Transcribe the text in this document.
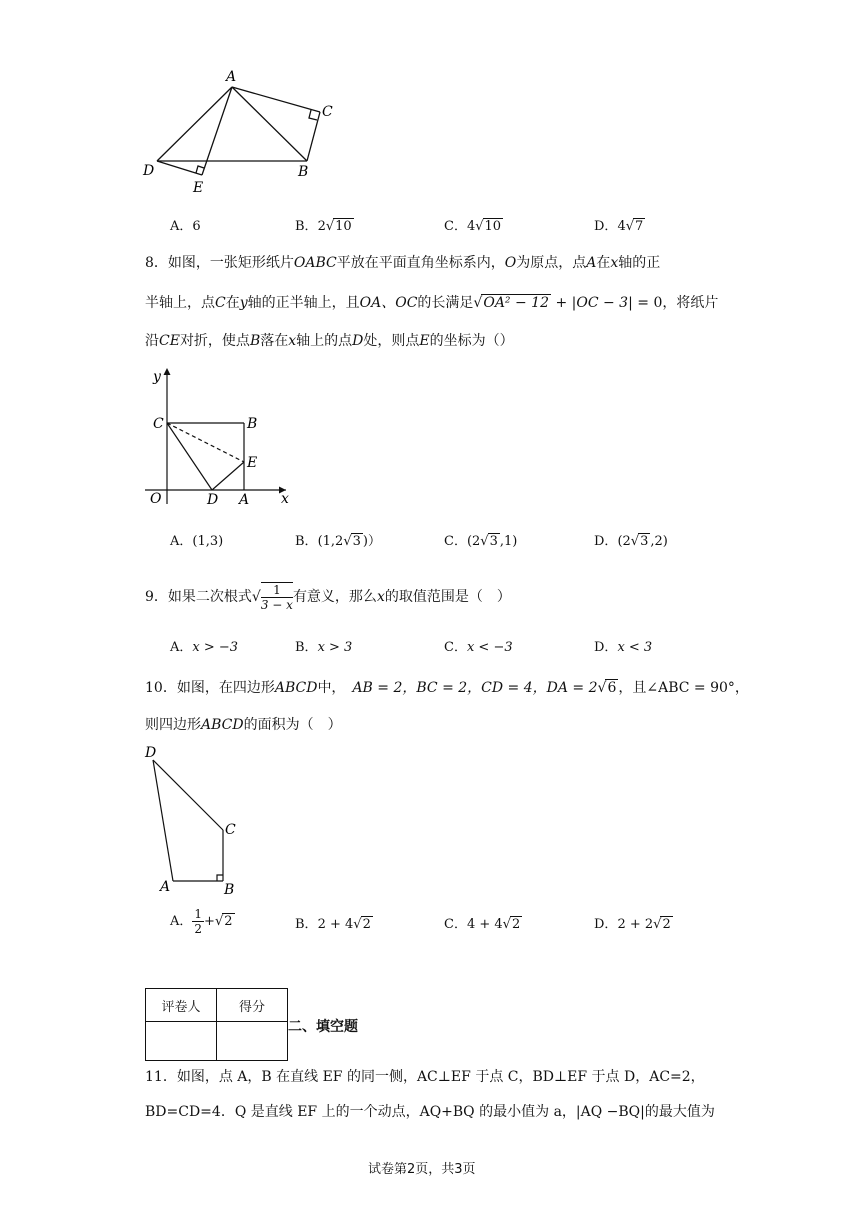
A
C
D	B
E
A．6	B．2√10	C．4√10	D．4√7
8．如图，一张矩形纸片OABC平放在平面直角坐标系内，O为原点，点A在x轴的正
半轴上，点C在y轴的正半轴上，且OA、OC的长满足√OA² − 12 + |OC − 3| = 0，将纸片
沿CE对折，使点B落在x轴上的点D处，则点E的坐标为（）
y
C	B
E
O	D A x
A．(1,3)	B．(1,2√3 )）	C．(2√3 ,1)	D．(2√3 ,2)
9．如果二次根式√ $\frac{1}{3 - x}$ 有意义，那么x的取值范围是（　）
A．x > −3	B．x > 3	C．x < −3	D．x < 3
10．如图，在四边形ABCD中，　 AB = 2，BC = 2，CD = 4，DA = 2√6 ，且∠ABC = 90°，
则四边形ABCD的面积为（　）
D
C
A	B
A． $\frac{1}{2} +√2$	B．2 + 4√2	C．4 + 4√2	D．2 + 2√2
评卷人	得分

二、填空题
11．如图，点 A，B 在直线 EF 的同一侧，AC⊥EF 于点 C，BD⊥EF 于点 D，AC=2，
BD=CD=4．Q 是直线 EF 上的一个动点，AQ+BQ 的最小值为 a，|AQ −BQ|的最大值为
试卷第2页，共3页
